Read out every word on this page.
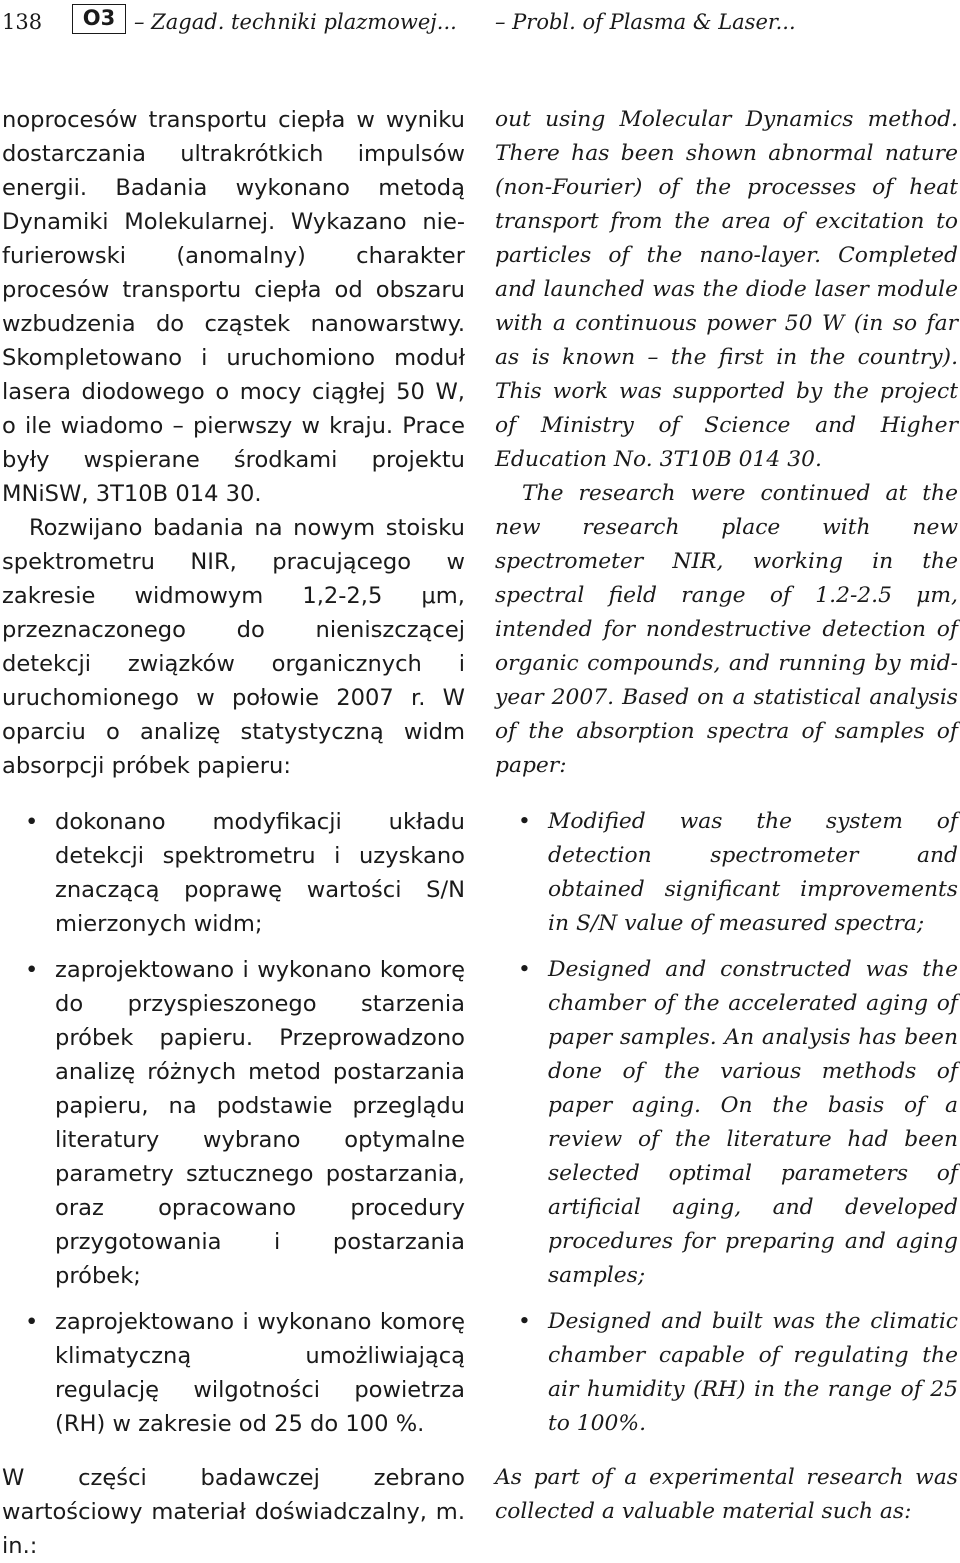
138	O3 – Zagad. techniki plazmowej... – Probl. of Plasma & Laser...

noprocesów transportu ciepła w wyniku dostarczania ultrakrótkich impulsów energii. Badania wykonano metodą Dynamiki Molekularnej. Wykazano nie-furierowski (anomalny) charakter procesów transportu ciepła od obszaru wzbudzenia do cząstek nanowarstwy. Skompletowano i uruchomiono moduł lasera diodowego o mocy ciągłej 50 W, o ile wiadomo – pierwszy w kraju. Prace były wspierane środkami projektu MNiSW, 3T10B 014 30.

Rozwijano badania na nowym stoisku spektrometru NIR, pracującego w zakresie widmowym 1,2-2,5 μm, przeznaczonego do nieniszczącej detekcji związków organicznych i uruchomionego w połowie 2007 r. W oparciu o analizę statystyczną widm absorpcji próbek papieru:

• dokonano modyfikacji układu detekcji spektrometru i uzyskano znaczącą poprawę wartości S/N mierzonych widm;
• zaprojektowano i wykonano komorę do przyspieszonego starzenia próbek papieru. Przeprowadzono analizę różnych metod postarzania papieru, na podstawie przeglądu literatury wybrano optymalne parametry sztucznego postarzania, oraz opracowano procedury przygotowania i postarzania próbek;
• zaprojektowano i wykonano komorę klimatyczną umożliwiającą regulację wilgotności powietrza (RH) w zakresie od 25 do 100 %.

W części badawczej zebrano wartościowy materiał doświadczalny, m. in.:

out using Molecular Dynamics method. There has been shown abnormal nature (non-Fourier) of the processes of heat transport from the area of excitation to particles of the nano-layer. Completed and launched was the diode laser module with a continuous power 50 W (in so far as is known – the first in the country). This work was supported by the project of Ministry of Science and Higher Education No. 3T10B 014 30.

The research were continued at the new research place with new spectrometer NIR, working in the spectral field range of 1.2-2.5 μm, intended for nondestructive detection of organic compounds, and running by mid-year 2007. Based on a statistical analysis of the absorption spectra of samples of paper:

• Modified was the system of detection spectrometer and obtained significant improvements in S/N value of measured spectra;
• Designed and constructed was the chamber of the accelerated aging of paper samples. An analysis has been done of the various methods of paper aging. On the basis of a review of the literature had been selected optimal parameters of artificial aging, and developed procedures for preparing and aging samples;
• Designed and built was the climatic chamber capable of regulating the air humidity (RH) in the range of 25 to 100%.

As part of a experimental research was collected a valuable material such as:
